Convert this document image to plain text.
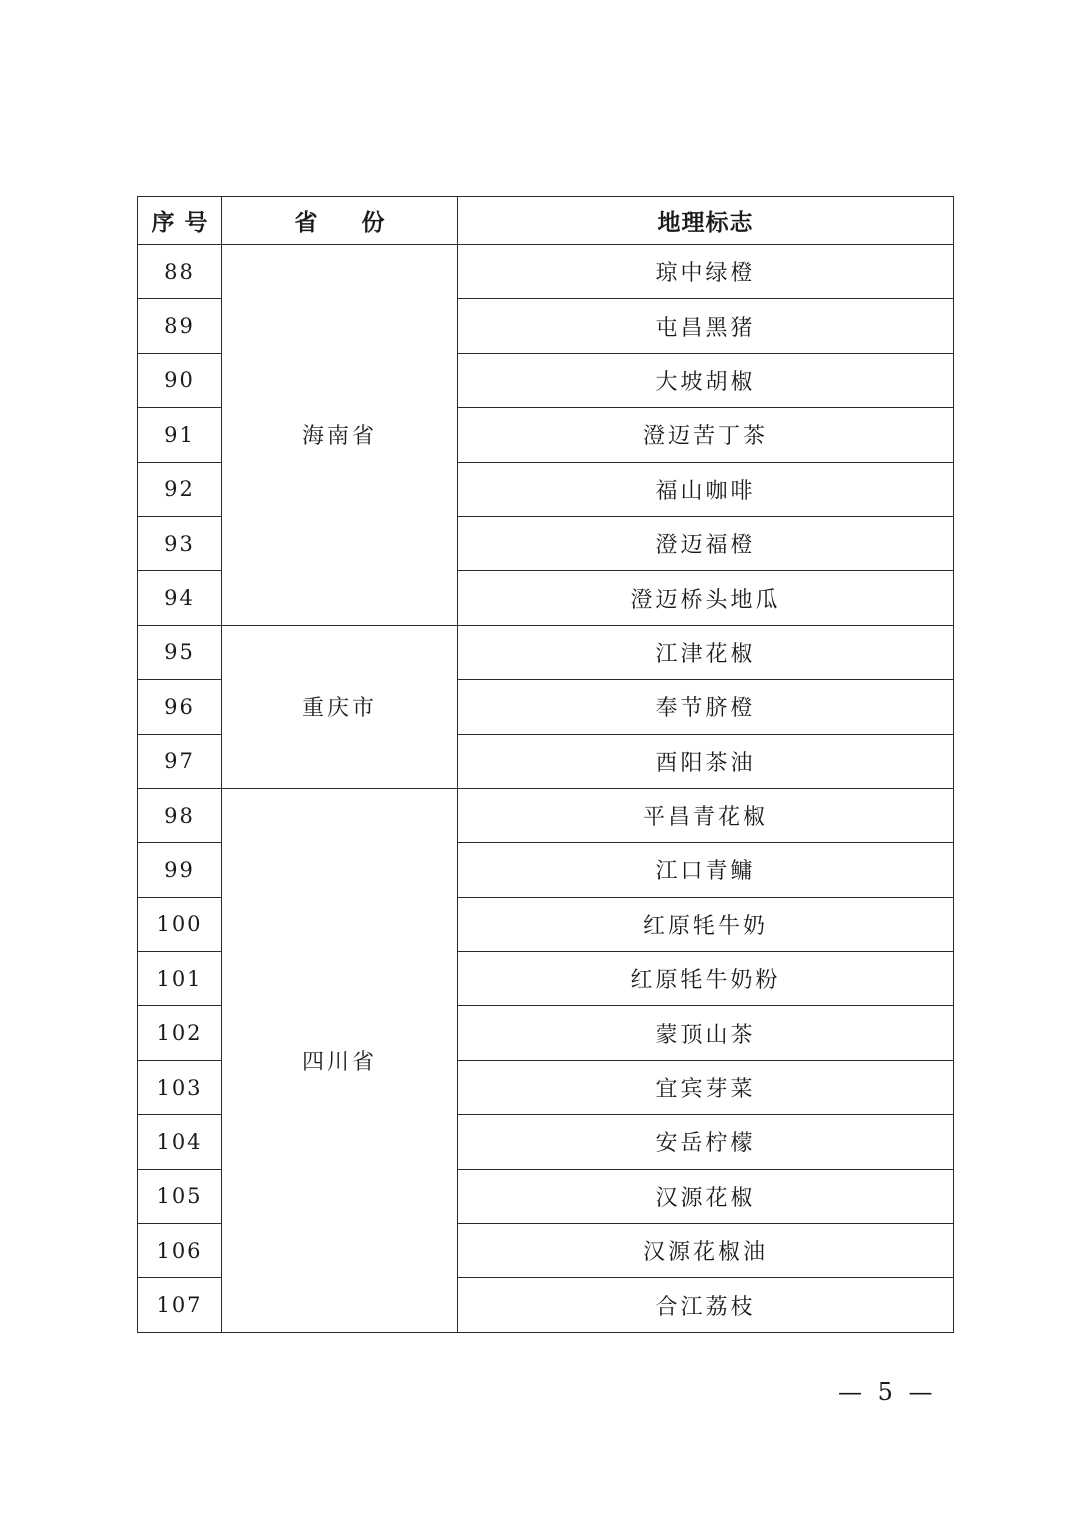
序号	省份	地理标志
88	海南省	琼中绿橙
89		屯昌黑猪
90		大坡胡椒
91		澄迈苦丁茶
92		福山咖啡
93		澄迈福橙
94		澄迈桥头地瓜
95	重庆市	江津花椒
96		奉节脐橙
97		酉阳茶油
98	四川省	平昌青花椒
99		江口青鳙
100		红原牦牛奶
101		红原牦牛奶粉
102		蒙顶山茶
103		宜宾芽菜
104		安岳柠檬
105		汉源花椒
106		汉源花椒油
107		合江荔枝
— 5 —
